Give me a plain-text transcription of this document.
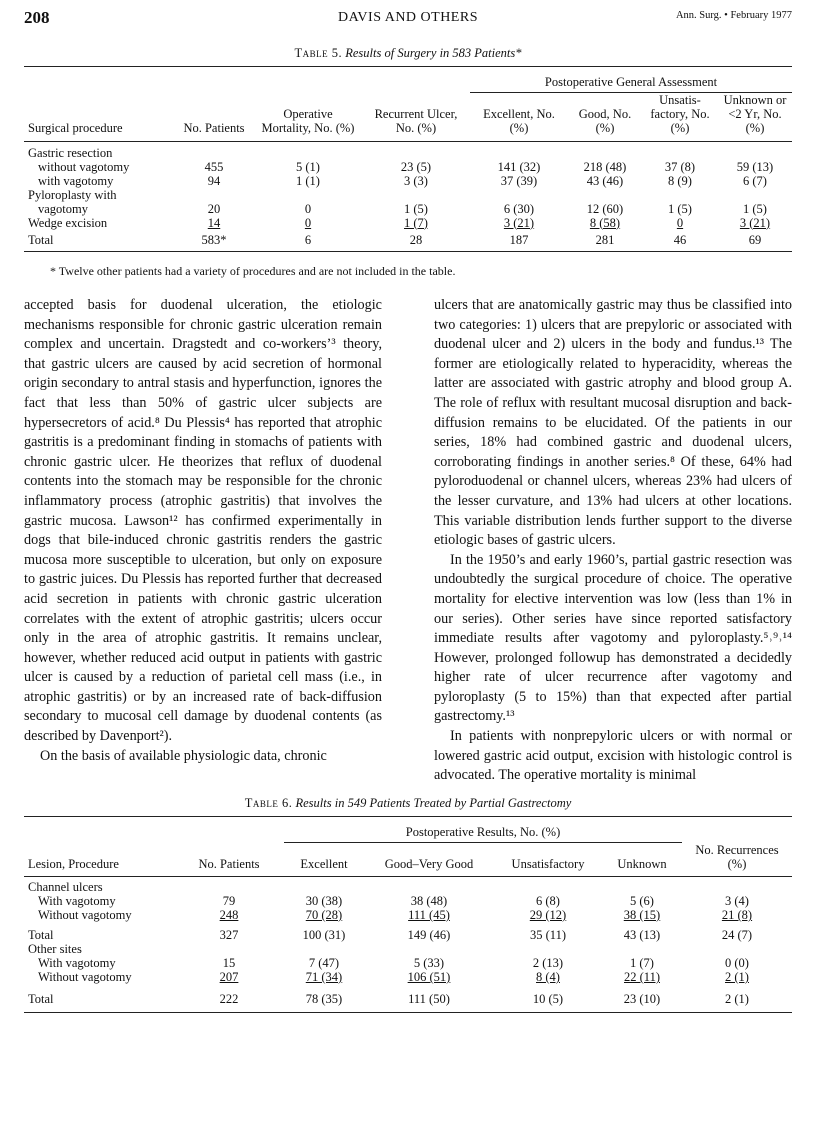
208	DAVIS AND OTHERS	Ann. Surg. • February 1977
Table 5. Results of Surgery in 583 Patients*
				Postoperative General Assessment			
Surgical procedure	No. Patients	Operative Mortality, No. (%)	Recurrent Ulcer, No. (%)	Excellent, No. (%)	Good, No. (%)	Unsatis- factory, No. (%)	Unknown or <2 Yr, No. (%)
Gastric resection							
without vagotomy	455	5 (1)	23 (5)	141 (32)	218 (48)	37 (8)	59 (13)
with vagotomy	94	1 (1)	3 (3)	37 (39)	43 (46)	8 (9)	6 (7)
Pyloroplasty with							
vagotomy	20	0	1 (5)	6 (30)	12 (60)	1 (5)	1 (5)
Wedge excision	14	0	1 (7)	3 (21)	8 (58)	0	3 (21)
Total	583*	6	28	187	281	46	69
* Twelve other patients had a variety of procedures and are not included in the table.

accepted basis for duodenal ulceration, the etiologic mechanisms responsible for chronic gastric ulceration remain complex and uncertain. Dragstedt and co-workers’³ theory, that gastric ulcers are caused by acid secretion of hormonal origin secondary to antral stasis and hyperfunction, ignores the fact that less than 50% of gastric ulcer subjects are hypersecretors of acid.⁸ Du Plessis⁴ has reported that atrophic gastritis is a predominant finding in stomachs of patients with chronic gastric ulcer. He theorizes that reflux of duodenal contents into the stomach may be responsible for the chronic inflammatory process (atrophic gastritis) that involves the gastric mucosa. Lawson¹² has confirmed experimentally in dogs that bile-induced chronic gastritis renders the gastric mucosa more susceptible to ulceration, but only on exposure to gastric juices. Du Plessis has reported further that decreased acid secretion in patients with chronic gastric ulceration correlates with the extent of atrophic gastritis; ulcers occur only in the area of atrophic gastritis. It remains unclear, however, whether reduced acid output in patients with gastric ulcer is caused by a reduction of parietal cell mass (i.e., in atrophic gastritis) or by an increased rate of back-diffusion secondary to mucosal cell damage by duodenal contents (as described by Davenport²).

On the basis of available physiologic data, chronic

ulcers that are anatomically gastric may thus be classified into two categories: 1) ulcers that are prepyloric or associated with duodenal ulcer and 2) ulcers in the body and fundus.¹³ The former are etiologically related to hyperacidity, whereas the latter are associated with gastric atrophy and blood group A. The role of reflux with resultant mucosal disruption and back-diffusion remains to be elucidated. Of the patients in our series, 18% had combined gastric and duodenal ulcers, corroborating findings in another series.⁸ Of these, 64% had pyloroduodenal or channel ulcers, whereas 23% had ulcers of the lesser curvature, and 13% had ulcers at other locations. This variable distribution lends further support to the diverse etiologic bases of gastric ulcers.

In the 1950’s and early 1960’s, partial gastric resection was undoubtedly the surgical procedure of choice. The operative mortality for elective intervention was low (less than 1% in our series). Other series have since reported satisfactory immediate results after vagotomy and pyloroplasty.⁵˒⁹˒¹⁴ However, prolonged followup has demonstrated a decidedly higher rate of ulcer recurrence after vagotomy and pyloroplasty (5 to 15%) than that expected after partial gastrectomy.¹³

In patients with nonprepyloric ulcers or with normal or lowered gastric acid output, excision with histologic control is advocated. The operative mortality is minimal

Table 6. Results in 549 Patients Treated by Partial Gastrectomy
		Postoperative Results, No. (%)				
Lesion, Procedure	No. Patients	Excellent	Good–Very Good	Unsatisfactory	Unknown	No. Recurrences (%)
Channel ulcers						
With vagotomy	79	30 (38)	38 (48)	6 (8)	5 (6)	3 (4)
Without vagotomy	248	70 (28)	111 (45)	29 (12)	38 (15)	21 (8)
Total	327	100 (31)	149 (46)	35 (11)	43 (13)	24 (7)
Other sites						
With vagotomy	15	7 (47)	5 (33)	2 (13)	1 (7)	0 (0)
Without vagotomy	207	71 (34)	106 (51)	8 (4)	22 (11)	2 (1)
Total	222	78 (35)	111 (50)	10 (5)	23 (10)	2 (1)
